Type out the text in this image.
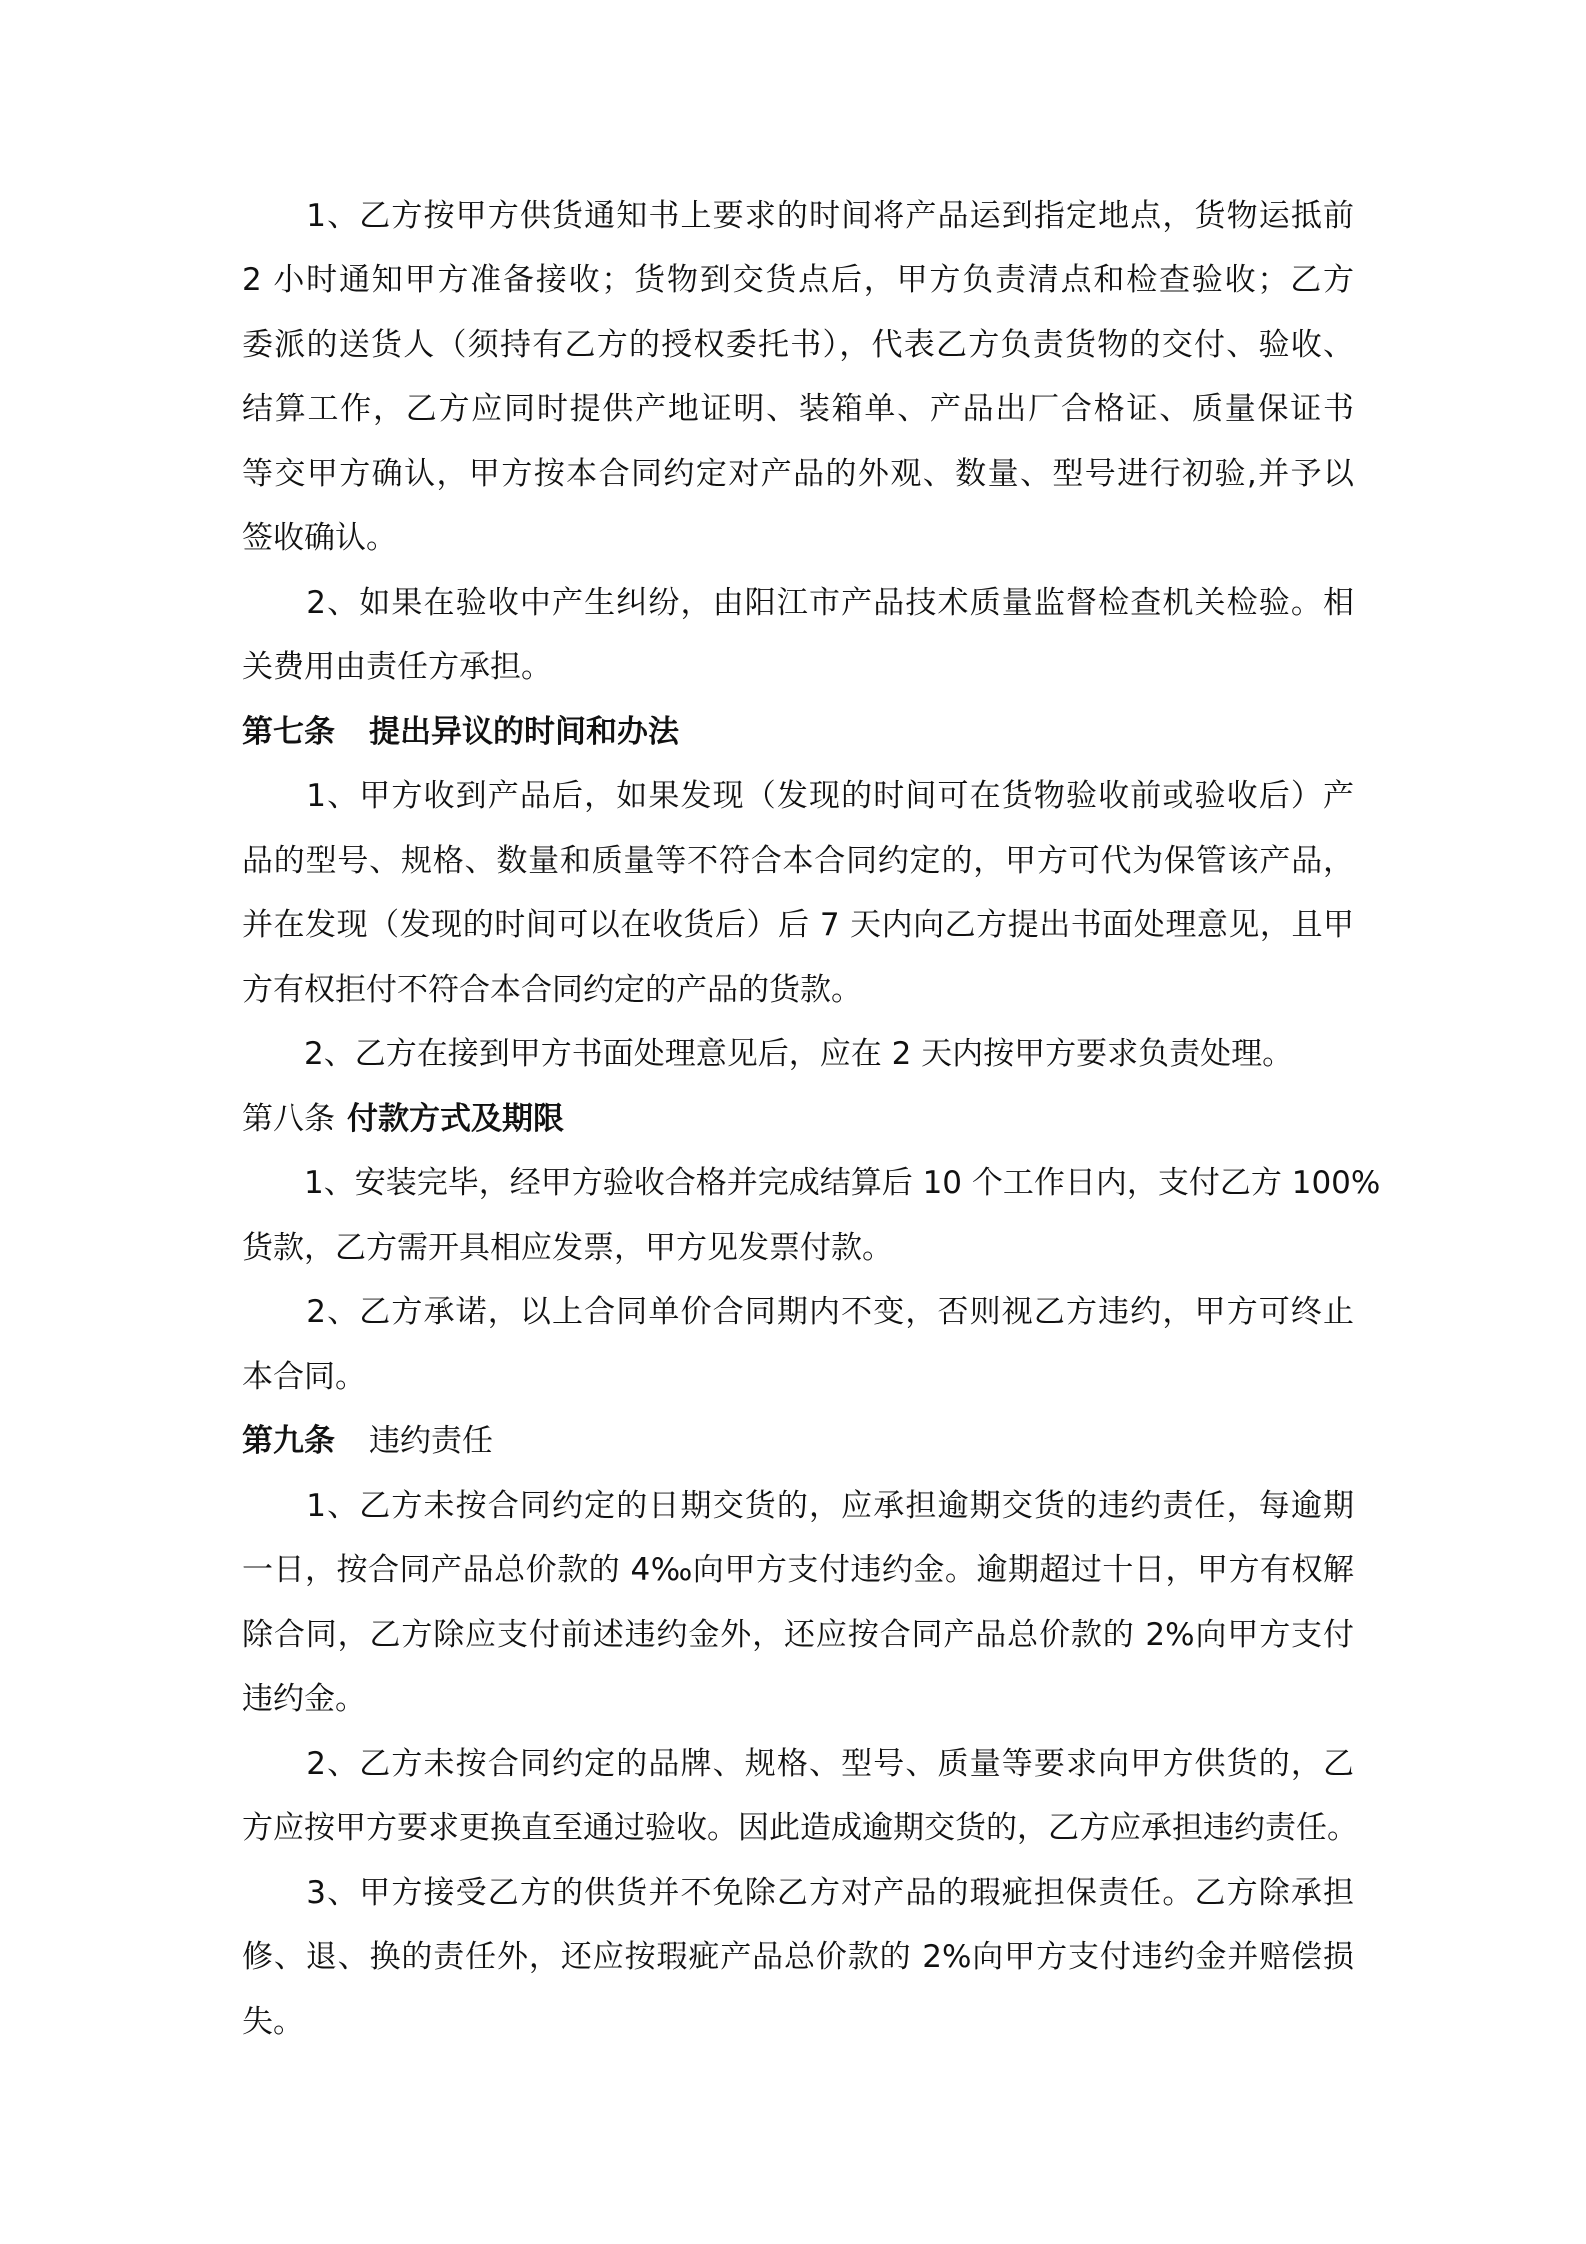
　　1、乙方按甲方供货通知书上要求的时间将产品运到指定地点，货物运抵前
2 小时通知甲方准备接收；货物到交货点后，甲方负责清点和检查验收；乙方
委派的送货人（须持有乙方的授权委托书），代表乙方负责货物的交付、验收、
结算工作，乙方应同时提供产地证明、装箱单、产品出厂合格证、质量保证书
等交甲方确认，甲方按本合同约定对产品的外观、数量、型号进行初验,并予以
签收确认。
　　2、如果在验收中产生纠纷，由阳江市产品技术质量监督检查机关检验。相
关费用由责任方承担。
第七条 提出异议的时间和办法
　　1、甲方收到产品后，如果发现（发现的时间可在货物验收前或验收后）产
品的型号、规格、数量和质量等不符合本合同约定的，甲方可代为保管该产品，
并在发现（发现的时间可以在收货后）后 7 天内向乙方提出书面处理意见，且甲
方有权拒付不符合本合同约定的产品的货款。
　　2、乙方在接到甲方书面处理意见后，应在 2 天内按甲方要求负责处理。
第八条 付款方式及期限
　　1、安装完毕，经甲方验收合格并完成结算后 10 个工作日内，支付乙方 100%
货款，乙方需开具相应发票，甲方见发票付款。
　　2、乙方承诺，以上合同单价合同期内不变，否则视乙方违约，甲方可终止
本合同。
第九条 违约责任
　　1、乙方未按合同约定的日期交货的，应承担逾期交货的违约责任，每逾期
一日，按合同产品总价款的 4‰向甲方支付违约金。逾期超过十日，甲方有权解
除合同，乙方除应支付前述违约金外，还应按合同产品总价款的 2%向甲方支付
违约金。
　　2、乙方未按合同约定的品牌、规格、型号、质量等要求向甲方供货的，乙
方应按甲方要求更换直至通过验收。因此造成逾期交货的，乙方应承担违约责任。
　　3、甲方接受乙方的供货并不免除乙方对产品的瑕疵担保责任。乙方除承担
修、退、换的责任外，还应按瑕疵产品总价款的 2%向甲方支付违约金并赔偿损
失。
